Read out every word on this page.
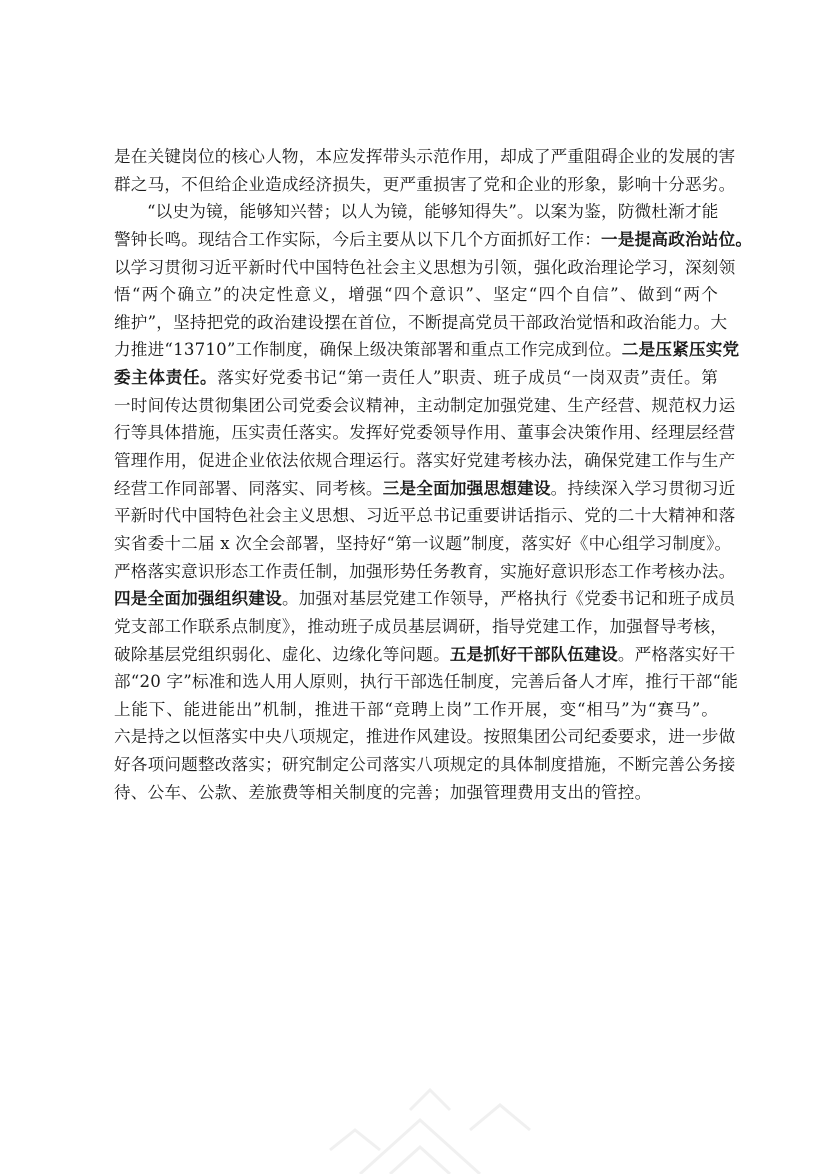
是在关键岗位的核心人物，本应发挥带头示范作用，却成了严重阻碍企业的发展的害
群之马，不但给企业造成经济损失，更严重损害了党和企业的形象，影响十分恶劣。
“以史为镜，能够知兴替；以人为镜，能够知得失”。以案为鉴，防微杜渐才能
警钟长鸣。现结合工作实际，今后主要从以下几个方面抓好工作：一是提高政治站位。
以学习贯彻习近平新时代中国特色社会主义思想为引领，强化政治理论学习，深刻领
悟“两个确立”的决定性意义，增强“四个意识”、坚定“四个自信”、做到“两个
维护”，坚持把党的政治建设摆在首位，不断提高党员干部政治觉悟和政治能力。大
力推进“13710”工作制度，确保上级决策部署和重点工作完成到位。二是压紧压实党
委主体责任。落实好党委书记“第一责任人”职责、班子成员“一岗双责”责任。第
一时间传达贯彻集团公司党委会议精神，主动制定加强党建、生产经营、规范权力运
行等具体措施，压实责任落实。发挥好党委领导作用、董事会决策作用、经理层经营
管理作用，促进企业依法依规合理运行。落实好党建考核办法，确保党建工作与生产
经营工作同部署、同落实、同考核。三是全面加强思想建设。持续深入学习贯彻习近
平新时代中国特色社会主义思想、习近平总书记重要讲话指示、党的二十大精神和落
实省委十二届 x 次全会部署，坚持好“第一议题”制度，落实好《中心组学习制度》。
严格落实意识形态工作责任制，加强形势任务教育，实施好意识形态工作考核办法。
四是全面加强组织建设。加强对基层党建工作领导，严格执行《党委书记和班子成员
党支部工作联系点制度》，推动班子成员基层调研，指导党建工作，加强督导考核，
破除基层党组织弱化、虚化、边缘化等问题。五是抓好干部队伍建设。严格落实好干
部“20 字”标准和选人用人原则，执行干部选任制度，完善后备人才库，推行干部“能
上能下、能进能出”机制，推进干部“竞聘上岗”工作开展，变“相马”为“赛马”。
六是持之以恒落实中央八项规定，推进作风建设。按照集团公司纪委要求，进一步做
好各项问题整改落实；研究制定公司落实八项规定的具体制度措施，不断完善公务接
待、公车、公款、差旅费等相关制度的完善；加强管理费用支出的管控。
